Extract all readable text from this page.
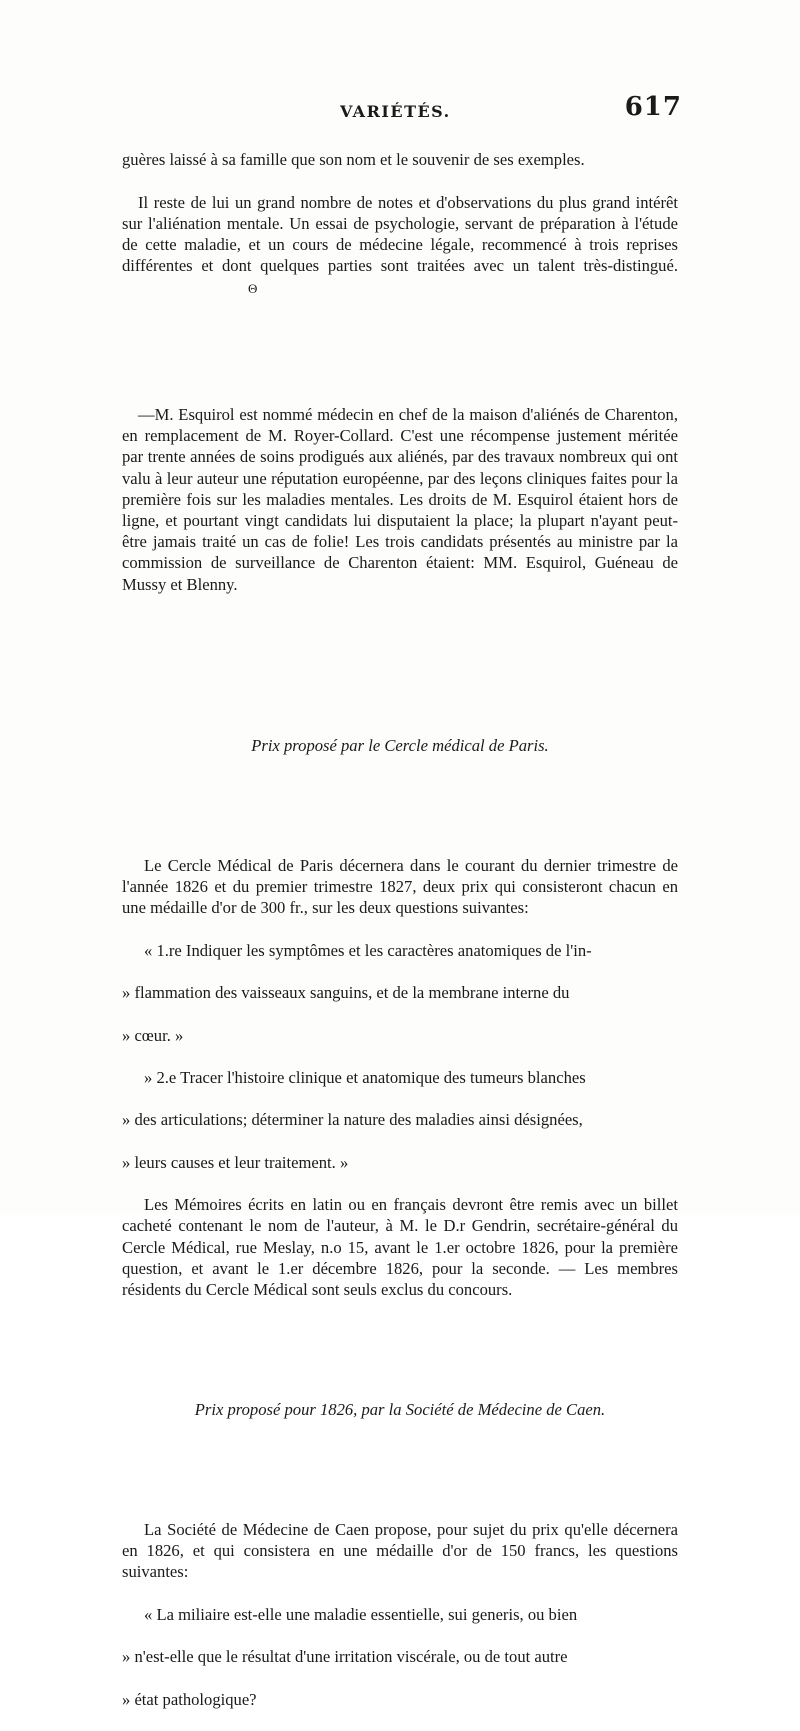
VARIÉTÉS.	617

guères laissé à sa famille que son nom et le souvenir de ses exemples.

Il reste de lui un grand nombre de notes et d'observations du plus grand intérêt sur l'aliénation mentale. Un essai de psychologie, servant de préparation à l'étude de cette maladie, et un cours de médecine légale, recommencé à trois reprises différentes et dont quelques parties sont traitées avec un talent très-distingué. Θ

—M. Esquirol est nommé médecin en chef de la maison d'aliénés de Charenton, en remplacement de M. Royer-Collard. C'est une récompense justement méritée par trente années de soins prodigués aux aliénés, par des travaux nombreux qui ont valu à leur auteur une réputation européenne, par des leçons cliniques faites pour la première fois sur les maladies mentales. Les droits de M. Esquirol étaient hors de ligne, et pourtant vingt candidats lui disputaient la place; la plupart n'ayant peut-être jamais traité un cas de folie! Les trois candidats présentés au ministre par la commission de surveillance de Charenton étaient: MM. Esquirol, Guéneau de Mussy et Blenny.

Prix proposé par le Cercle médical de Paris.

Le Cercle Médical de Paris décernera dans le courant du dernier trimestre de l'année 1826 et du premier trimestre 1827, deux prix qui consisteront chacun en une médaille d'or de 300 fr., sur les deux questions suivantes:

« 1.re Indiquer les symptômes et les caractères anatomiques de l'in-

» flammation des vaisseaux sanguins, et de la membrane interne du

» cœur. »

» 2.e Tracer l'histoire clinique et anatomique des tumeurs blanches

» des articulations; déterminer la nature des maladies ainsi désignées,

» leurs causes et leur traitement. »

Les Mémoires écrits en latin ou en français devront être remis avec un billet cacheté contenant le nom de l'auteur, à M. le D.r Gendrin, secrétaire-général du Cercle Médical, rue Meslay, n.o 15, avant le 1.er octobre 1826, pour la première question, et avant le 1.er décembre 1826, pour la seconde. — Les membres résidents du Cercle Médical sont seuls exclus du concours.

Prix proposé pour 1826, par la Société de Médecine de Caen.

La Société de Médecine de Caen propose, pour sujet du prix qu'elle décernera en 1826, et qui consistera en une médaille d'or de 150 francs, les questions suivantes:

« La miliaire est-elle une maladie essentielle, sui generis, ou bien

» n'est-elle que le résultat d'une irritation viscérale, ou de tout autre

» état pathologique?
